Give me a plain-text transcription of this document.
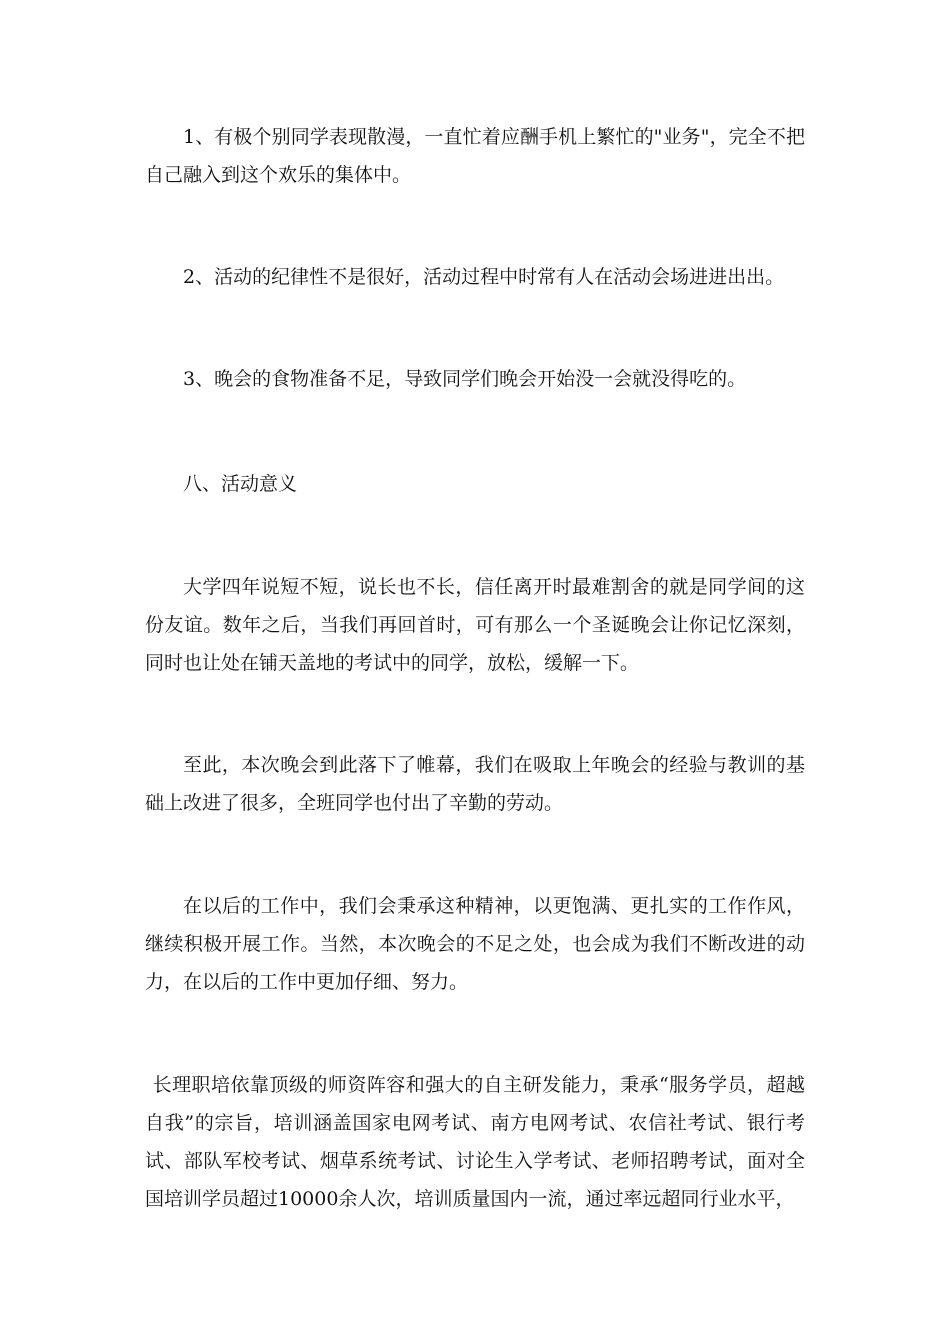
1、有极个别同学表现散漫，一直忙着应酬手机上繁忙的"业务"，完全不把自己融入到这个欢乐的集体中。

2、活动的纪律性不是很好，活动过程中时常有人在活动会场进进出出。

3、晚会的食物准备不足，导致同学们晚会开始没一会就没得吃的。

八、活动意义

大学四年说短不短，说长也不长，信任离开时最难割舍的就是同学间的这份友谊。数年之后，当我们再回首时，可有那么一个圣诞晚会让你记忆深刻，同时也让处在铺天盖地的考试中的同学，放松，缓解一下。

至此，本次晚会到此落下了帷幕，我们在吸取上年晚会的经验与教训的基础上改进了很多，全班同学也付出了辛勤的劳动。

在以后的工作中，我们会秉承这种精神，以更饱满、更扎实的工作作风，继续积极开展工作。当然，本次晚会的不足之处，也会成为我们不断改进的动力，在以后的工作中更加仔细、努力。

长理职培依靠顶级的师资阵容和强大的自主研发能力，秉承“服务学员，超越自我”的宗旨，培训涵盖国家电网考试、南方电网考试、农信社考试、银行考试、部队军校考试、烟草系统考试、讨论生入学考试、老师招聘考试，面对全国培训学员超过10000余人次，培训质量国内一流，通过率远超同行业水平，
